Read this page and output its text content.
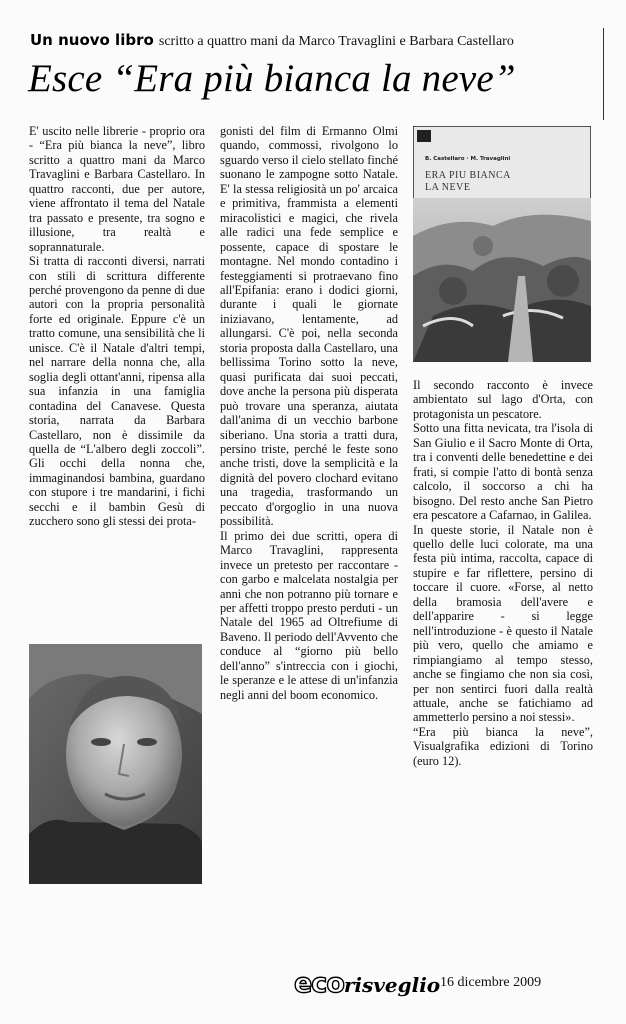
Un nuovo libro scritto a quattro mani da Marco Travaglini e Barbara Castellaro
Esce “Era più bianca la neve”

E' uscito nelle librerie - proprio ora - “Era più bianca la neve”, libro scritto a quattro mani da Marco Travaglini e Barbara Castellaro. In quattro racconti, due per autore, viene affrontato il tema del Natale tra passato e presente, tra sogno e illusione, tra realtà e soprannaturale.

Si tratta di racconti diversi, narrati con stili di scrittura differente perché provengono da penne di due autori con la propria personalità forte ed originale. Eppure c'è un tratto comune, una sensibilità che li unisce. C'è il Natale d'altri tempi, nel narrare della nonna che, alla soglia degli ottant'anni, ripensa alla sua infanzia in una famiglia contadina del Canavese. Questa storia, narrata da Barbara Castellaro, non è dissimile da quella de “L'albero degli zoccoli”. Gli occhi della nonna che, immaginandosi bambina, guardano con stupore i tre mandarini, i fichi secchi e il bambin Gesù di zucchero sono gli stessi dei prota-

gonisti del film di Ermanno Olmi quando, commossi, rivolgono lo sguardo verso il cielo stellato finché suonano le zampogne sotto Natale. E' la stessa religiosità un po' arcaica e primitiva, frammista a elementi miracolistici e magici, che rivela alle radici una fede semplice e possente, capace di spostare le montagne. Nel mondo contadino i festeggiamenti si protraevano fino all'Epifania: erano i dodici giorni, durante i quali le giornate iniziavano, lentamente, ad allungarsi. C'è poi, nella seconda storia proposta dalla Castellaro, una bellissima Torino sotto la neve, quasi purificata dai suoi peccati, dove anche la persona più disperata può trovare una speranza, aiutata dall'anima di un vecchio barbone siberiano. Una storia a tratti dura, persino triste, perché le feste sono anche tristi, dove la semplicità e la dignità del povero clochard evitano una tragedia, trasformando un peccato d'orgoglio in una nuova possibilità.

Il primo dei due scritti, opera di Marco Travaglini, rappresenta invece un pretesto per raccontare - con garbo e malcelata nostalgia per anni che non potranno più tornare e per affetti troppo presto perduti - un Natale del 1965 ad Oltrefiume di Baveno. Il periodo dell'Avvento che conduce al “giorno più bello dell'anno” s'intreccia con i giochi, le speranze e le attese di un'infanzia negli anni del boom economico.

B. Castellaro · M. Travaglini
ERA PIU BIANCA
LA NEVE

Il secondo racconto è invece ambientato sul lago d'Orta, con protagonista un pescatore.

Sotto una fitta nevicata, tra l'isola di San Giulio e il Sacro Monte di Orta, tra i conventi delle benedettine e dei frati, si compie l'atto di bontà senza calcolo, il soccorso a chi ha bisogno. Del resto anche San Pietro era pescatore a Cafarnao, in Galilea.

In queste storie, il Natale non è quello delle luci colorate, ma una festa più intima, raccolta, capace di stupire e far riflettere, persino di toccare il cuore. «Forse, al netto della bramosia dell'avere e dell'apparire - si legge nell'introduzione - è questo il Natale più vero, quello che amiamo e rimpiangiamo al tempo stesso, anche se fingiamo che non sia così, per non sentirci fuori dalla realtà attuale, anche se fatichiamo ad ammetterlo persino a noi stessi».

“Era più bianca la neve”, Visualgrafika edizioni di Torino (euro 12).

ecorisveglio 16 dicembre 2009
